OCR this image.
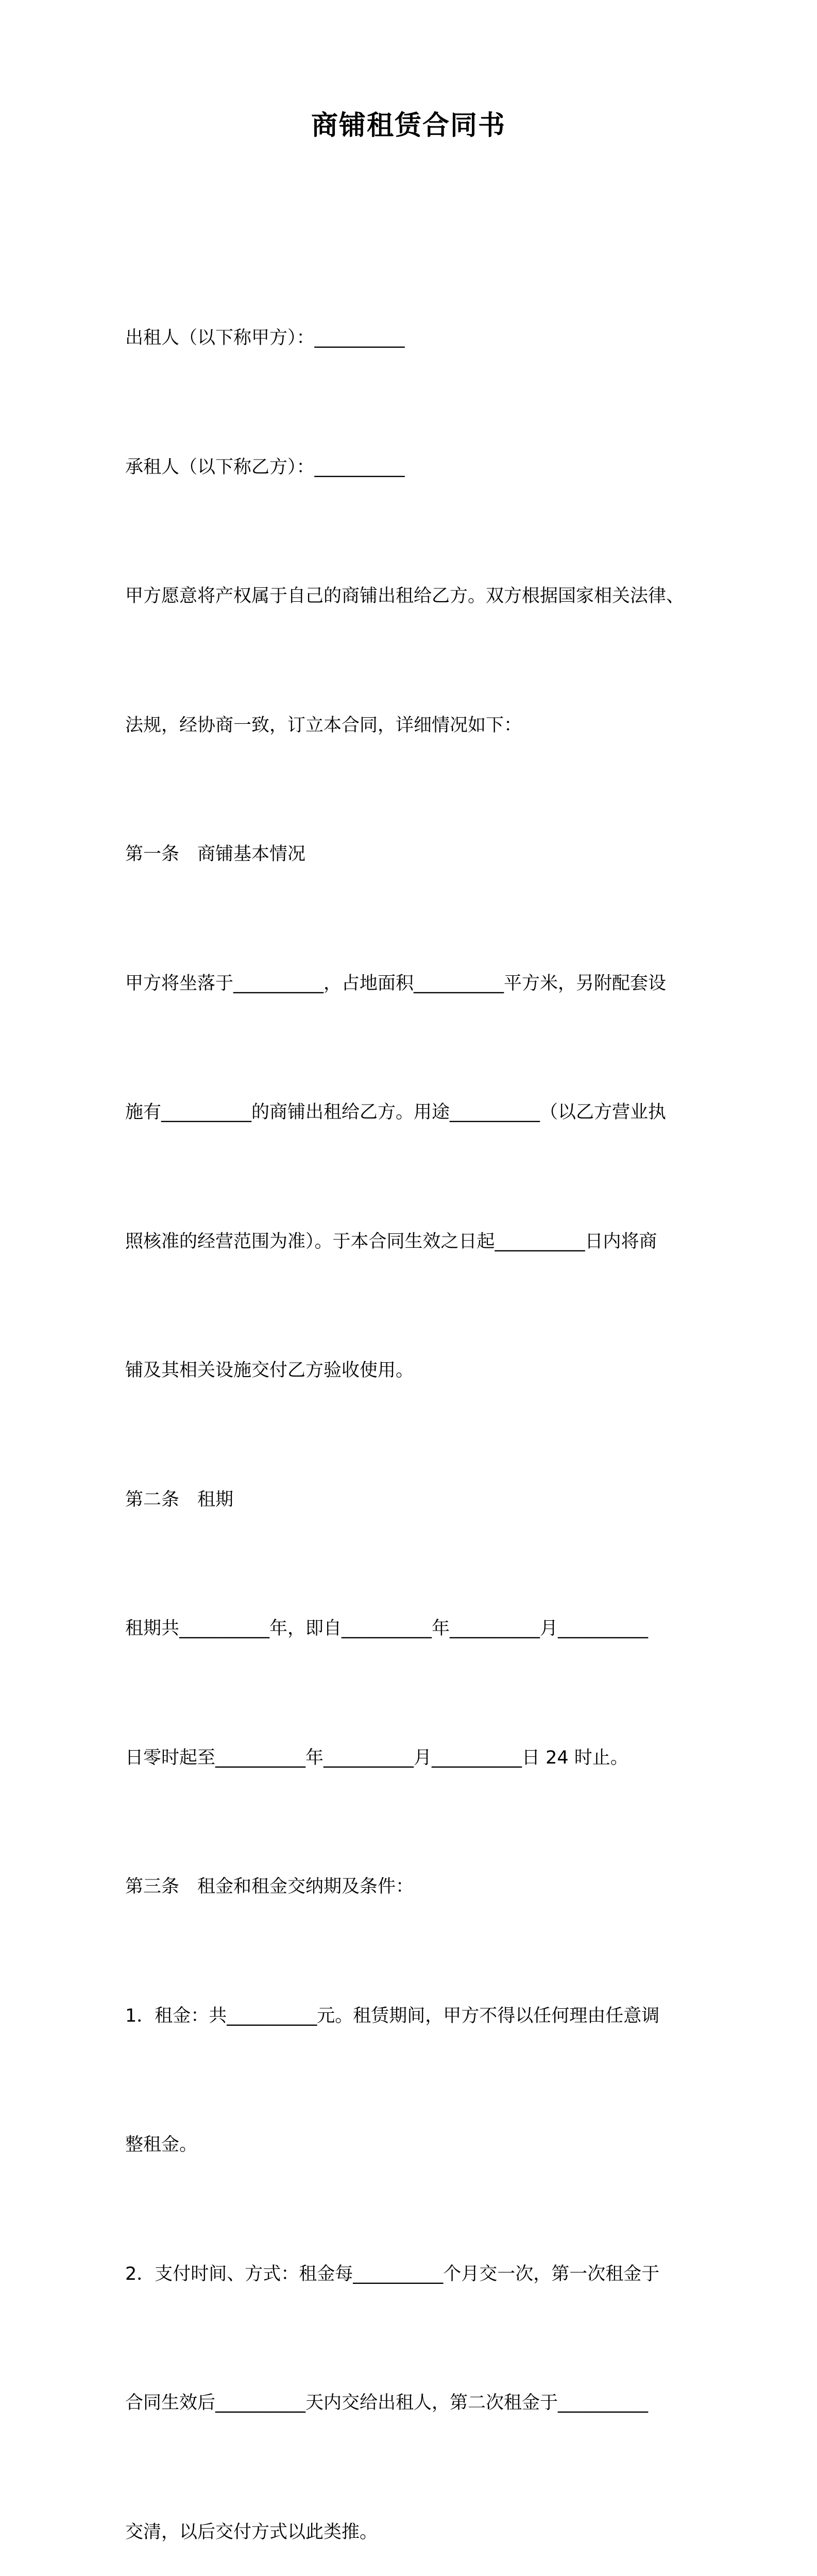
商铺租赁合同书

出租人（以下称甲方）：__________

承租人（以下称乙方）：__________

甲方愿意将产权属于自己的商铺出租给乙方。双方根据国家相关法律、

法规，经协商一致，订立本合同，详细情况如下：

第一条　商铺基本情况

甲方将坐落于__________，占地面积__________平方米，另附配套设

施有__________的商铺出租给乙方。用途__________（以乙方营业执

照核准的经营范围为准）。于本合同生效之日起__________日内将商

铺及其相关设施交付乙方验收使用。

第二条　租期

租期共__________年，即自__________年__________月__________

日零时起至__________年__________月__________日 24 时止。

第三条　租金和租金交纳期及条件：

1．租金：共__________元。租赁期间，甲方不得以任何理由任意调

整租金。

2．支付时间、方式：租金每__________个月交一次，第一次租金于

合同生效后__________天内交给出租人，第二次租金于__________

交清，以后交付方式以此类推。
